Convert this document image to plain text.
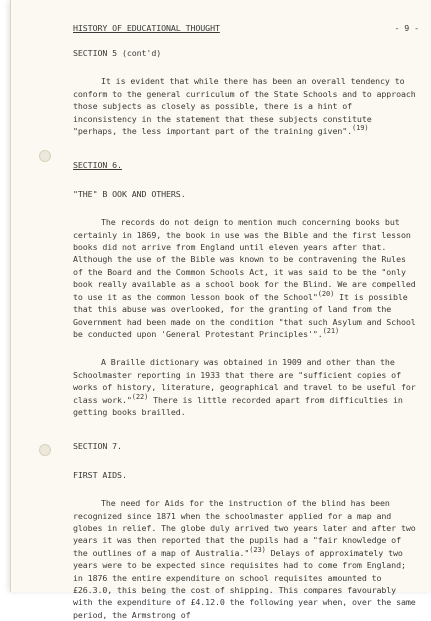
HISTORY OF EDUCATIONAL THOUGHT	- 9 -

SECTION 5 (cont'd)

It is evident that while there has been an overall tendency to conform to the general curriculum of the State Schools and to approach those subjects as closely as possible, there is a hint of inconsistency in the statement that these subjects constitute "perhaps, the less important part of the training given".$^{(19)}$

SECTION 6.

"THE" B OOK AND OTHERS.

The records do not deign to mention much concerning books but certainly in 1869, the book in use was the Bible and the first lesson books did not arrive from England until eleven years after that. Although the use of the Bible was known to be contravening the Rules of the Board and the Common Schools Act, it was said to be the "only book really available as a school book for the Blind. We are compelled to use it as the common lesson book of the School"$^{(20)}$ It is possible that this abuse was overlooked, for the granting of land from the Government had been made on the condition "that such Asylum and School be conducted upon 'General Protestant Principles'".$^{(21)}$

A Braille dictionary was obtained in 1909 and other than the Schoolmaster reporting in 1933 that there are "sufficient copies of works of history, literature, geographical and travel to be useful for class work."$^{(22)}$ There is little recorded apart from difficulties in getting books brailled.

SECTION 7.

FIRST AIDS.

The need for Aids for the instruction of the blind has been recognized since 1871 when the schoolmaster applied for a map and globes in relief. The globe duly arrived two years later and after two years it was then reported that the pupils had a "fair knowledge of the outlines of a map of Australia."$^{(23)}$ Delays of approximately two years were to be expected since requisites had to come from England; in 1876 the entire expenditure on school requisites amounted to £26.3.0, this being the cost of shipping. This compares favourably with the expenditure of £4.12.0 the following year when, over the same period, the Armstrong of
